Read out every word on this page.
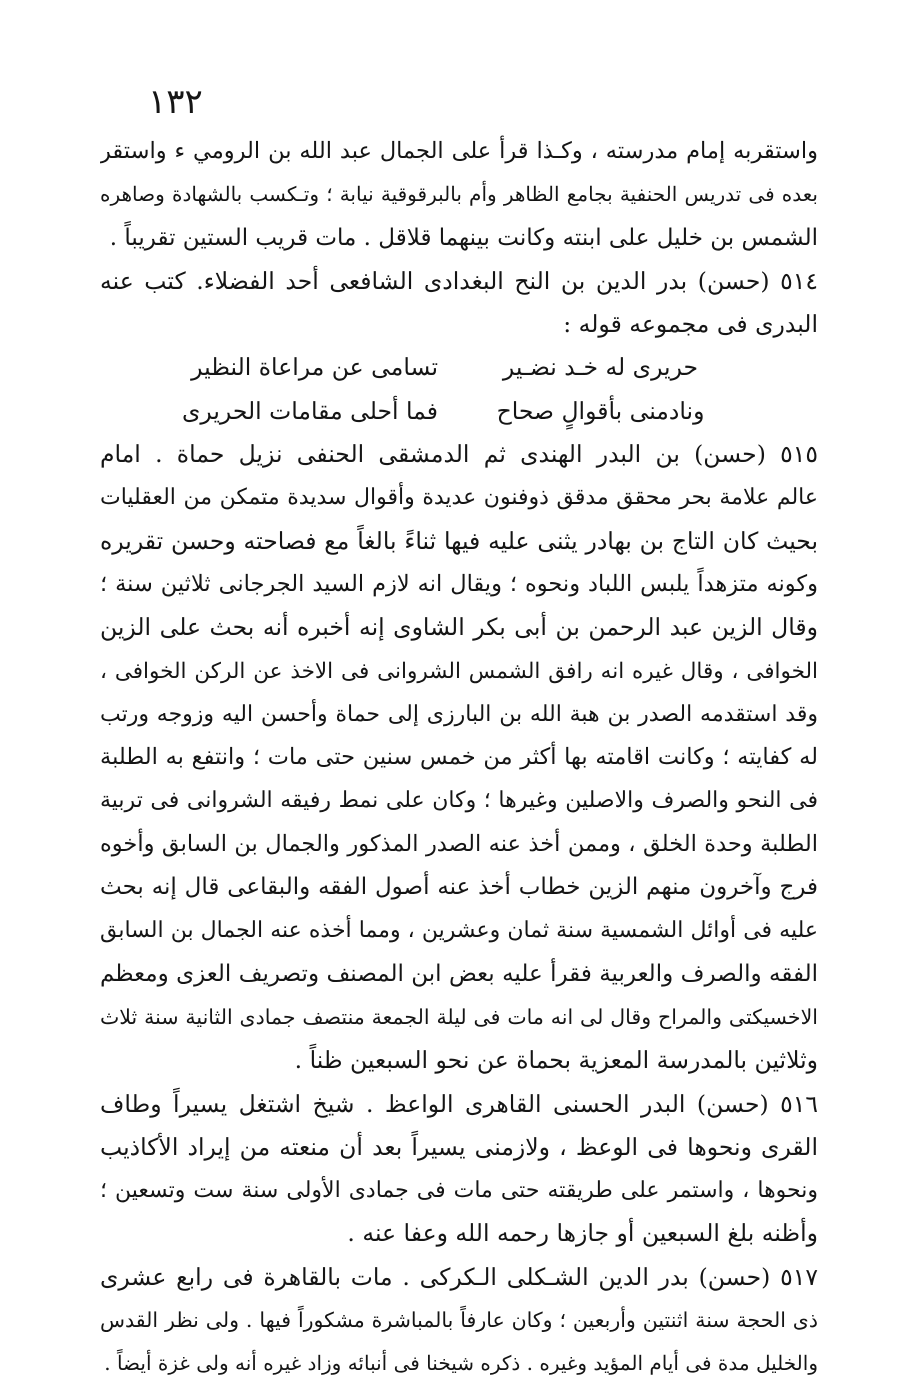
١٣٢
واستقربه إمام مدرسته ، وكـذا قرأ على الجمال عبد الله بن الرومي ء واستقر
بعده فى تدريس الحنفية بجامع الظاهر وأم بالبرقوقية نيابة ؛ وتـكسب بالشهادة وصاهره
الشمس بن خليل على ابنته وكانت بينهما قلاقل . مات قريب الستين تقريباً .
٥١٤ (حسن) بدر الدين بن النح البغدادى الشافعى أحد الفضلاء. كتب عنه
البدرى فى مجموعه قوله :
حريرى له خـد نضـيرتسامى عن مراعاة النظير
ونادمنى بأقوالٍ صحاحفما أحلى مقامات الحريرى
٥١٥ (حسن) بن البدر الهندى ثم الدمشقى الحنفى نزيل حماة . امام
عالم علامة بحر محقق مدقق ذوفنون عديدة وأقوال سديدة متمكن من العقليات
بحيث كان التاج بن بهادر يثنى عليه فيها ثناءً بالغاً مع فصاحته وحسن تقريره
وكونه متزهداً يلبس اللباد ونحوه ؛ ويقال انه لازم السيد الجرجانى ثلاثين سنة ؛
وقال الزين عبد الرحمن بن أبى بكر الشاوى إنه أخبره أنه بحث على الزين
الخوافى ، وقال غيره انه رافق الشمس الشروانى فى الاخذ عن الركن الخوافى ،
وقد استقدمه الصدر بن هبة الله بن البارزى إلى حماة وأحسن اليه وزوجه ورتب
له كفايته ؛ وكانت اقامته بها أكثر من خمس سنين حتى مات ؛ وانتفع به الطلبة
فى النحو والصرف والاصلين وغيرها ؛ وكان على نمط رفيقه الشروانى فى تربية
الطلبة وحدة الخلق ، وممن أخذ عنه الصدر المذكور والجمال بن السابق وأخوه
فرج وآخرون منهم الزين خطاب أخذ عنه أصول الفقه والبقاعى قال إنه بحث
عليه فى أوائل الشمسية سنة ثمان وعشرين ، ومما أخذه عنه الجمال بن السابق
الفقه والصرف والعربية فقرأ عليه بعض ابن المصنف وتصريف العزى ومعظم
الاخسيكتى والمراح وقال لى انه مات فى ليلة الجمعة منتصف جمادى الثانية سنة ثلاث
وثلاثين بالمدرسة المعزية بحماة عن نحو السبعين ظناً .
٥١٦ (حسن) البدر الحسنى القاهرى الواعظ . شيخ اشتغل يسيراً وطاف
القرى ونحوها فى الوعظ ، ولازمنى يسيراً بعد أن منعته من إيراد الأكاذيب
ونحوها ، واستمر على طريقته حتى مات فى جمادى الأولى سنة ست وتسعين ؛
وأظنه بلغ السبعين أو جازها رحمه الله وعفا عنه .
٥١٧ (حسن) بدر الدين الشـكلى الـكركى . مات بالقاهرة فى رابع عشرى
ذى الحجة سنة اثنتين وأربعين ؛ وكان عارفاً بالمباشرة مشكوراً فيها . ولى نظر القدس
والخليل مدة فى أيام المؤيد وغيره . ذكره شيخنا فى أنبائه وزاد غيره أنه ولى غزة أيضاً .
